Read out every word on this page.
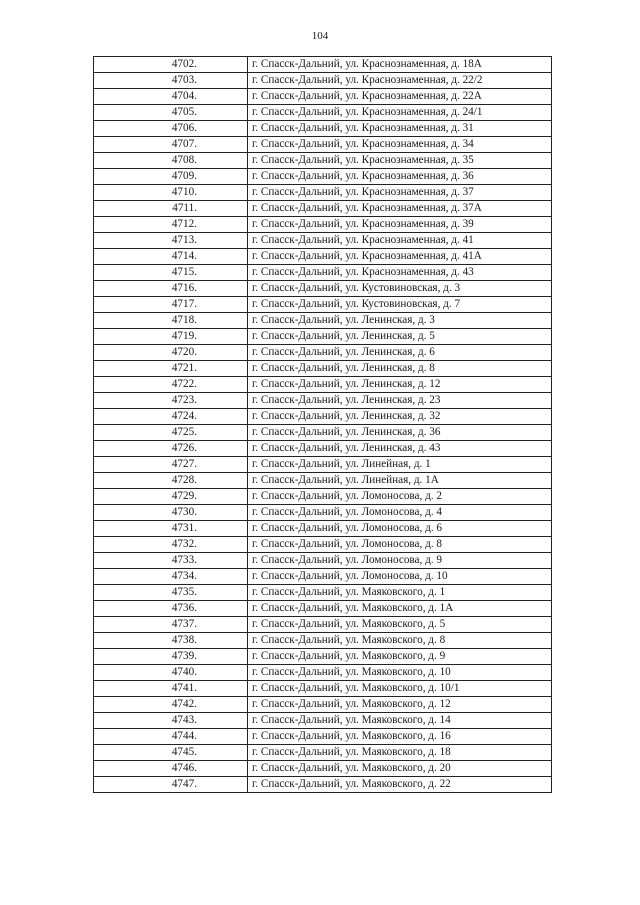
104
4702.	г. Спасск-Дальний, ул. Краснознаменная, д. 18А
4703.	г. Спасск-Дальний, ул. Краснознаменная, д. 22/2
4704.	г. Спасск-Дальний, ул. Краснознаменная, д. 22А
4705.	г. Спасск-Дальний, ул. Краснознаменная, д. 24/1
4706.	г. Спасск-Дальний, ул. Краснознаменная, д. 31
4707.	г. Спасск-Дальний, ул. Краснознаменная, д. 34
4708.	г. Спасск-Дальний, ул. Краснознаменная, д. 35
4709.	г. Спасск-Дальний, ул. Краснознаменная, д. 36
4710.	г. Спасск-Дальний, ул. Краснознаменная, д. 37
4711.	г. Спасск-Дальний, ул. Краснознаменная, д. 37А
4712.	г. Спасск-Дальний, ул. Краснознаменная, д. 39
4713.	г. Спасск-Дальний, ул. Краснознаменная, д. 41
4714.	г. Спасск-Дальний, ул. Краснознаменная, д. 41А
4715.	г. Спасск-Дальний, ул. Краснознаменная, д. 43
4716.	г. Спасск-Дальний, ул. Кустовиновская, д. 3
4717.	г. Спасск-Дальний, ул. Кустовиновская, д. 7
4718.	г. Спасск-Дальний, ул. Ленинская, д. 3
4719.	г. Спасск-Дальний, ул. Ленинская, д. 5
4720.	г. Спасск-Дальний, ул. Ленинская, д. 6
4721.	г. Спасск-Дальний, ул. Ленинская, д. 8
4722.	г. Спасск-Дальний, ул. Ленинская, д. 12
4723.	г. Спасск-Дальний, ул. Ленинская, д. 23
4724.	г. Спасск-Дальний, ул. Ленинская, д. 32
4725.	г. Спасск-Дальний, ул. Ленинская, д. 36
4726.	г. Спасск-Дальний, ул. Ленинская, д. 43
4727.	г. Спасск-Дальний, ул. Линейная, д. 1
4728.	г. Спасск-Дальний, ул. Линейная, д. 1А
4729.	г. Спасск-Дальний, ул. Ломоносова, д. 2
4730.	г. Спасск-Дальний, ул. Ломоносова, д. 4
4731.	г. Спасск-Дальний, ул. Ломоносова, д. 6
4732.	г. Спасск-Дальний, ул. Ломоносова, д. 8
4733.	г. Спасск-Дальний, ул. Ломоносова, д. 9
4734.	г. Спасск-Дальний, ул. Ломоносова, д. 10
4735.	г. Спасск-Дальний, ул. Маяковского, д. 1
4736.	г. Спасск-Дальний, ул. Маяковского, д. 1А
4737.	г. Спасск-Дальний, ул. Маяковского, д. 5
4738.	г. Спасск-Дальний, ул. Маяковского, д. 8
4739.	г. Спасск-Дальний, ул. Маяковского, д. 9
4740.	г. Спасск-Дальний, ул. Маяковского, д. 10
4741.	г. Спасск-Дальний, ул. Маяковского, д. 10/1
4742.	г. Спасск-Дальний, ул. Маяковского, д. 12
4743.	г. Спасск-Дальний, ул. Маяковского, д. 14
4744.	г. Спасск-Дальний, ул. Маяковского, д. 16
4745.	г. Спасск-Дальний, ул. Маяковского, д. 18
4746.	г. Спасск-Дальний, ул. Маяковского, д. 20
4747.	г. Спасск-Дальний, ул. Маяковского, д. 22
